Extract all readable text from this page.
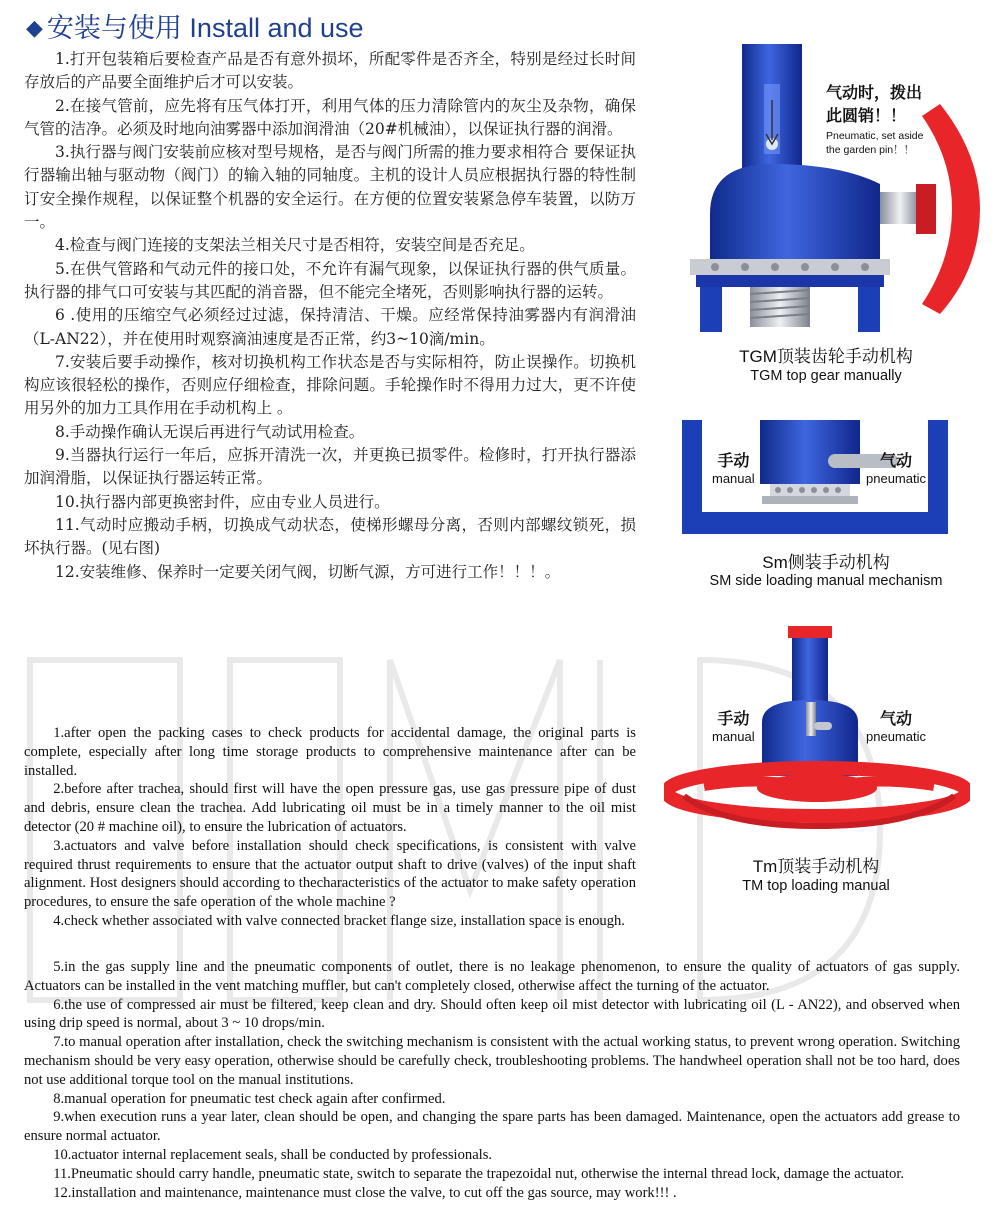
◆ 安装与使用 Install and use

1.打开包装箱后要检查产品是否有意外损坏，所配零件是否齐全，特别是经过长时间存放后的产品要全面维护后才可以安装。

2.在接气管前，应先将有压气体打开，利用气体的压力清除管内的灰尘及杂物，确保气管的洁净。必须及时地向油雾器中添加润滑油（20#机械油），以保证执行器的润滑。

3.执行器与阀门安装前应核对型号规格，是否与阀门所需的推力要求相符合 要保证执行器输出轴与驱动物（阀门）的输入轴的同轴度。主机的设计人员应根据执行器的特性制订安全操作规程，以保证整个机器的安全运行。在方便的位置安装紧急停车装置，以防万一。

4.检查与阀门连接的支架法兰相关尺寸是否相符，安装空间是否充足。

5.在供气管路和气动元件的接口处，不允许有漏气现象，以保证执行器的供气质量。执行器的排气口可安装与其匹配的消音器，但不能完全堵死，否则影响执行器的运转。

6 .使用的压缩空气必须经过过滤，保持清洁、干燥。应经常保持油雾器内有润滑油（L-AN22），并在使用时观察滴油速度是否正常，约3~10滴/min。

7.安装后要手动操作，核对切换机构工作状态是否与实际相符，防止误操作。切换机构应该很轻松的操作，否则应仔细检查，排除问题。手轮操作时不得用力过大，更不许使用另外的加力工具作用在手动机构上 。

8.手动操作确认无误后再进行气动试用检查。

9.当器执行运行一年后，应拆开清洗一次，并更换已损零件。检修时，打开执行器添加润滑脂，以保证执行器运转正常。

10.执行器内部更换密封件，应由专业人员进行。

11.气动时应搬动手柄，切换成气动状态，使梯形螺母分离，否则内部螺纹锁死，损坏执行器。(见右图)

12.安装维修、保养时一定要关闭气阀，切断气源，方可进行工作！！！。

1.after open the packing cases to check products for accidental damage, the original parts is complete, especially after long time storage products to comprehensive maintenance after can be installed.

2.before after trachea, should first will have the open pressure gas, use gas pressure pipe of dust and debris, ensure clean the trachea. Add lubricating oil must be in a timely manner to the oil mist detector (20 # machine oil), to ensure the lubrication of actuators.

3.actuators and valve before installation should check specifications, is consistent with valve required thrust requirements to ensure that the actuator output shaft to drive (valves) of the input shaft alignment. Host designers should according to thecharacteristics of the actuator to make safety operation procedures, to ensure the safe operation of the whole machine ?

4.check whether associated with valve connected bracket flange size, installation space is enough.

5.in the gas supply line and the pneumatic components of outlet, there is no leakage phenomenon, to ensure the quality of actuators of gas supply. Actuators can be installed in the vent matching muffler, but can't completely closed, otherwise affect the turning of the actuator.

6.the use of compressed air must be filtered, keep clean and dry. Should often keep oil mist detector with lubricating oil (L - AN22), and observed when using drip speed is normal, about 3 ~ 10 drops/min.

7.to manual operation after installation, check the switching mechanism is consistent with the actual working status, to prevent wrong operation. Switching mechanism should be very easy operation, otherwise should be carefully check, troubleshooting problems. The handwheel operation shall not be too hard, does not use additional torque tool on the manual institutions.

8.manual operation for pneumatic test check again after confirmed.

9.when execution runs a year later, clean should be open, and changing the spare parts has been damaged. Maintenance, open the actuators add grease to ensure normal actuator.

10.actuator internal replacement seals, shall be conducted by professionals.

11.Pneumatic should carry handle, pneumatic state, switch to separate the trapezoidal nut, otherwise the internal thread lock, damage the actuator.

12.installation and maintenance, maintenance must close the valve, to cut off the gas source, may work!!! .

气动时，拨出
此圆销！！
Pneumatic, set aside
the garden pin！！
TGM顶装齿轮手动机构
TGM top gear manually
手动
manual
气动
pneumatic
Sm侧装手动机构
SM side loading manual mechanism
手动
manual
气动
pneumatic
Tm顶装手动机构
TM top loading manual
